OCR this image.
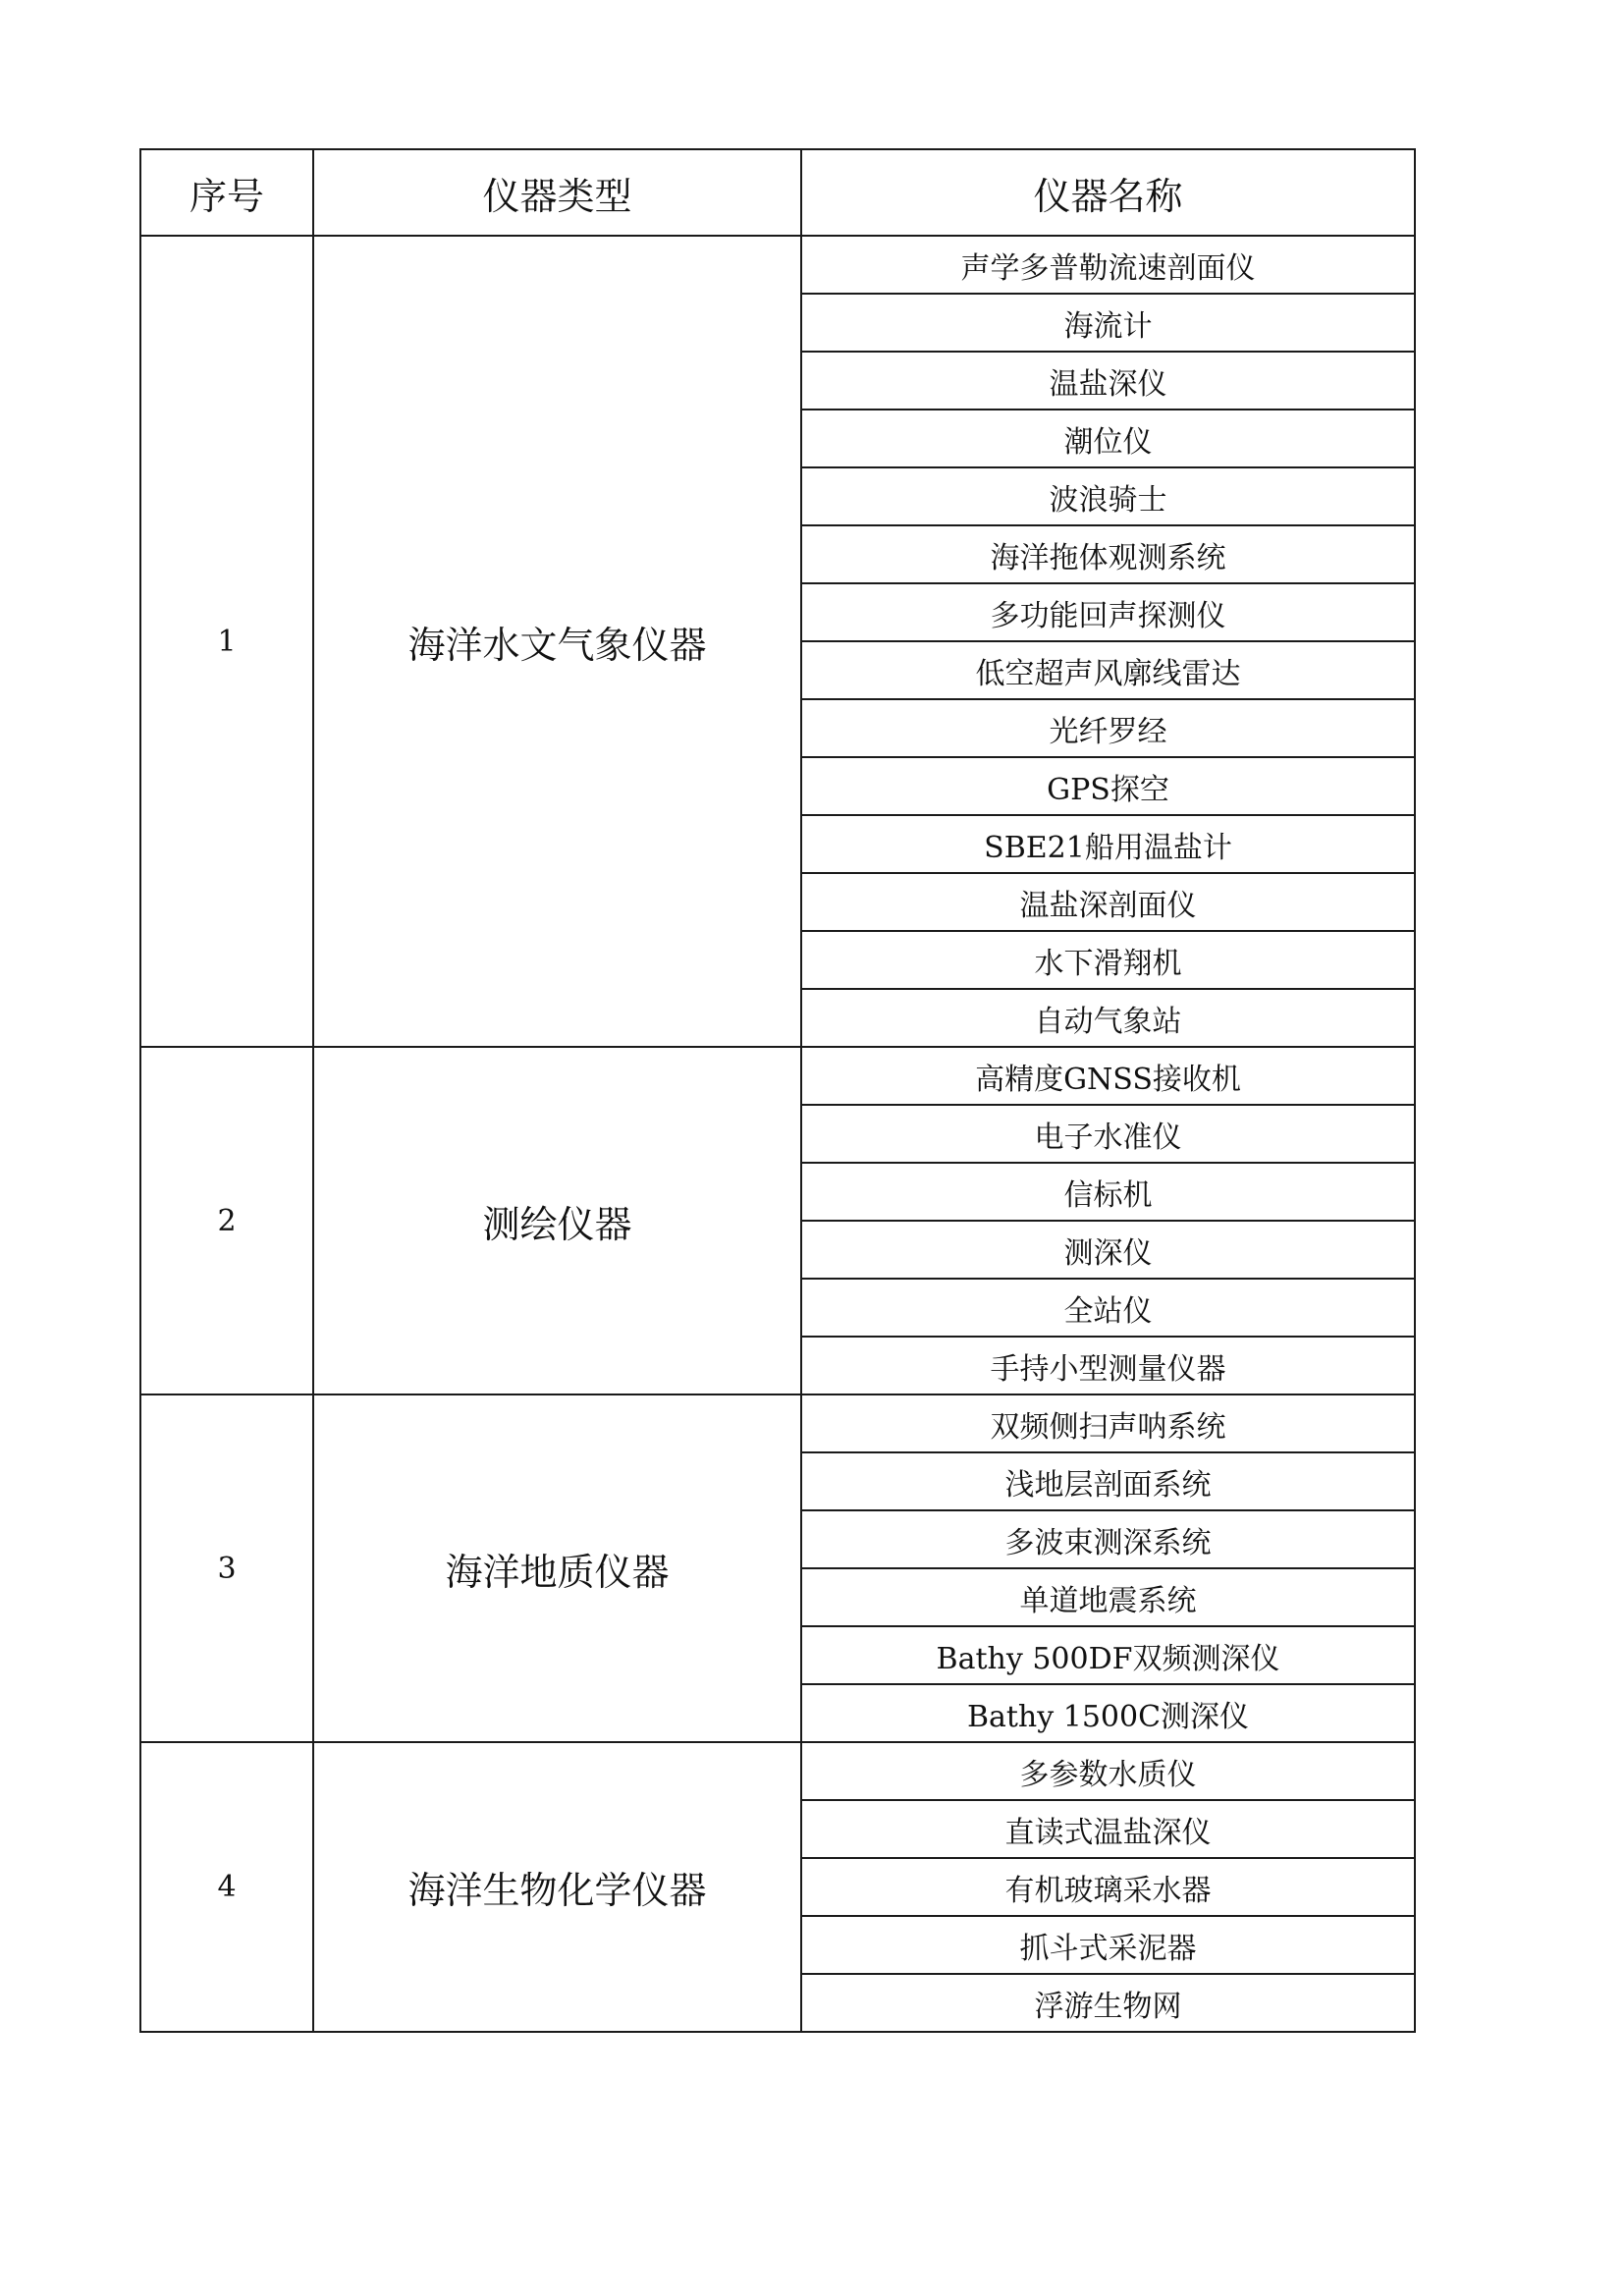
序号	仪器类型	仪器名称
1	海洋水文气象仪器	声学多普勒流速剖面仪
		海流计
		温盐深仪
		潮位仪
		波浪骑士
		海洋拖体观测系统
		多功能回声探测仪
		低空超声风廓线雷达
		光纤罗经
		GPS探空
		SBE21船用温盐计
		温盐深剖面仪
		水下滑翔机
		自动气象站
2	测绘仪器	高精度GNSS接收机
		电子水准仪
		信标机
		测深仪
		全站仪
		手持小型测量仪器
3	海洋地质仪器	双频侧扫声呐系统
		浅地层剖面系统
		多波束测深系统
		单道地震系统
		Bathy 500DF双频测深仪
		Bathy 1500C测深仪
4	海洋生物化学仪器	多参数水质仪
		直读式温盐深仪
		有机玻璃采水器
		抓斗式采泥器
		浮游生物网
